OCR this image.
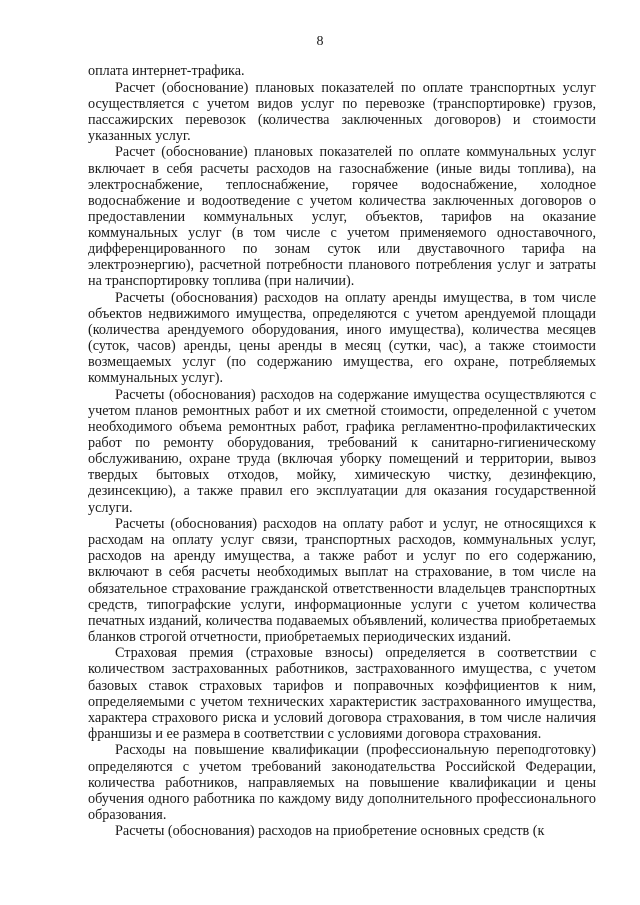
8

оплата интернет-трафика.

Расчет (обоснование) плановых показателей по оплате транспортных услуг осуществляется с учетом видов услуг по перевозке (транспортировке) грузов, пассажирских перевозок (количества заключенных договоров) и стоимости указанных услуг.

Расчет (обоснование) плановых показателей по оплате коммунальных услуг включает в себя расчеты расходов на газоснабжение (иные виды топлива), на электроснабжение, теплоснабжение, горячее водоснабжение, холодное водоснабжение и водоотведение с учетом количества заключенных договоров о предоставлении коммунальных услуг, объектов, тарифов на оказание коммунальных услуг (в том числе с учетом применяемого одноставочного, дифференцированного по зонам суток или двуставочного тарифа на электроэнергию), расчетной потребности планового потребления услуг и затраты на транспортировку топлива (при наличии).

Расчеты (обоснования) расходов на оплату аренды имущества, в том числе объектов недвижимого имущества, определяются с учетом арендуемой площади (количества арендуемого оборудования, иного имущества), количества месяцев (суток, часов) аренды, цены аренды в месяц (сутки, час), а также стоимости возмещаемых услуг (по содержанию имущества, его охране, потребляемых коммунальных услуг).

Расчеты (обоснования) расходов на содержание имущества осуществляются с учетом планов ремонтных работ и их сметной стоимости, определенной с учетом необходимого объема ремонтных работ, графика регламентно-профилактических работ по ремонту оборудования, требований к санитарно-гигиеническому обслуживанию, охране труда (включая уборку помещений и территории, вывоз твердых бытовых отходов, мойку, химическую чистку, дезинфекцию, дезинсекцию), а также правил его эксплуатации для оказания государственной услуги.

Расчеты (обоснования) расходов на оплату работ и услуг, не относящихся к расходам на оплату услуг связи, транспортных расходов, коммунальных услуг, расходов на аренду имущества, а также работ и услуг по его содержанию, включают в себя расчеты необходимых выплат на страхование, в том числе на обязательное страхование гражданской ответственности владельцев транспортных средств, типографские услуги, информационные услуги с учетом количества печатных изданий, количества подаваемых объявлений, количества приобретаемых бланков строгой отчетности, приобретаемых периодических изданий.

Страховая премия (страховые взносы) определяется в соответствии с количеством застрахованных работников, застрахованного имущества, с учетом базовых ставок страховых тарифов и поправочных коэффициентов к ним, определяемыми с учетом технических характеристик застрахованного имущества, характера страхового риска и условий договора страхования, в том числе наличия франшизы и ее размера в соответствии с условиями договора страхования.

Расходы на повышение квалификации (профессиональную переподготовку) определяются с учетом требований законодательства Российской Федерации, количества работников, направляемых на повышение квалификации и цены обучения одного работника по каждому виду дополнительного профессионального образования.

Расчеты (обоснования) расходов на приобретение основных средств (к
